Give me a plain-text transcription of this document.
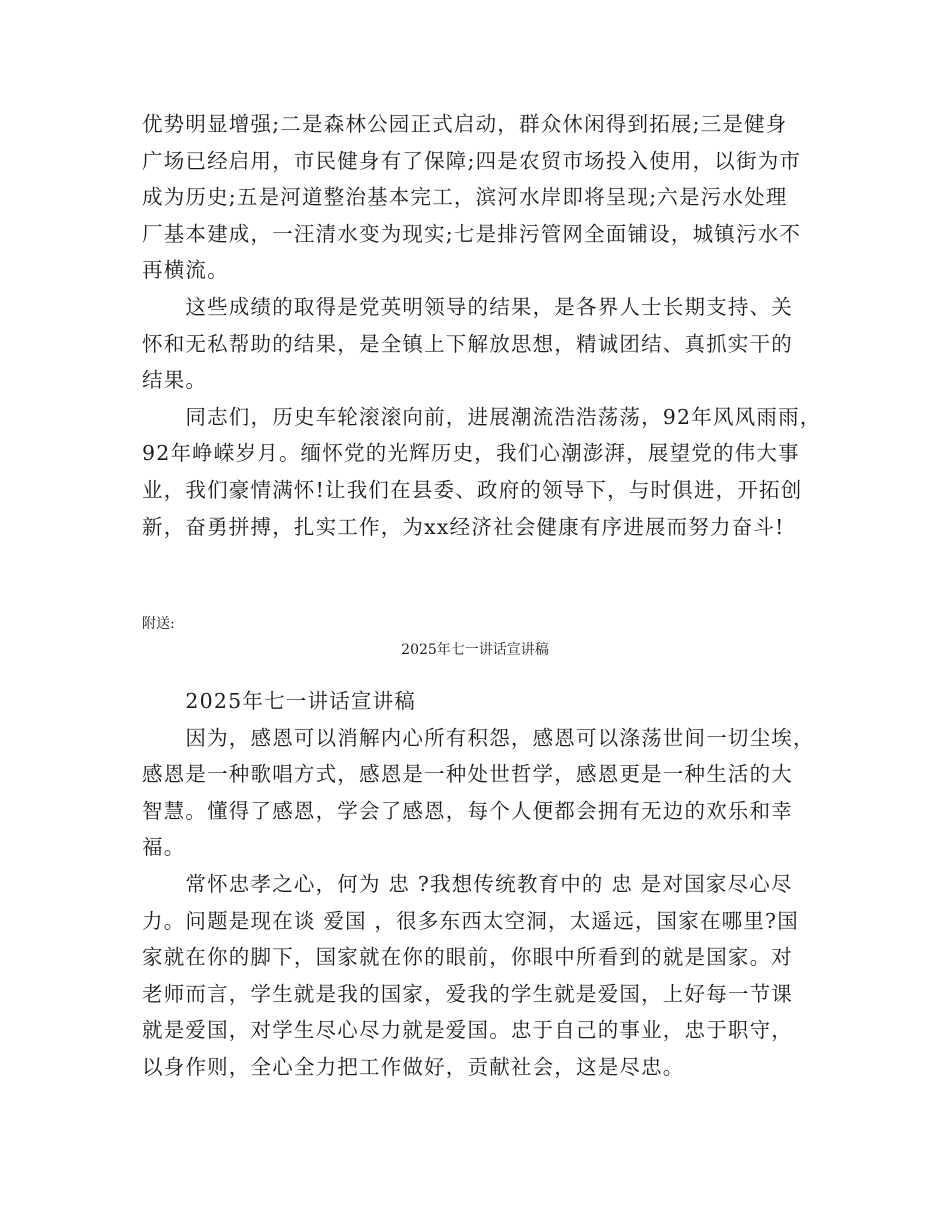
优势明显增强;二是森林公园正式启动，群众休闲得到拓展;三是健身
广场已经启用，市民健身有了保障;四是农贸市场投入使用，以街为市
成为历史;五是河道整治基本完工，滨河水岸即将呈现;六是污水处理
厂基本建成，一汪清水变为现实;七是排污管网全面铺设，城镇污水不
再横流。
　　这些成绩的取得是党英明领导的结果，是各界人士长期支持、关
怀和无私帮助的结果，是全镇上下解放思想，精诚团结、真抓实干的
结果。
　　同志们，历史车轮滚滚向前，进展潮流浩浩荡荡，92年风风雨雨，
92年峥嵘岁月。缅怀党的光辉历史，我们心潮澎湃，展望党的伟大事
业，我们豪情满怀!让我们在县委、政府的领导下，与时俱进，开拓创
新，奋勇拼搏，扎实工作，为xx经济社会健康有序进展而努力奋斗!
附送:
2025年七一讲话宣讲稿
　　2025年七一讲话宣讲稿
　　因为，感恩可以消解内心所有积怨，感恩可以涤荡世间一切尘埃，
感恩是一种歌唱方式，感恩是一种处世哲学，感恩更是一种生活的大
智慧。懂得了感恩，学会了感恩，每个人便都会拥有无边的欢乐和幸
福。
　　常怀忠孝之心，何为 忠 ?我想传统教育中的 忠 是对国家尽心尽
力。问题是现在谈 爱国 ，很多东西太空洞，太遥远，国家在哪里?国
家就在你的脚下，国家就在你的眼前，你眼中所看到的就是国家。对
老师而言，学生就是我的国家，爱我的学生就是爱国，上好每一节课
就是爱国，对学生尽心尽力就是爱国。忠于自己的事业，忠于职守，
以身作则，全心全力把工作做好，贡献社会，这是尽忠。
